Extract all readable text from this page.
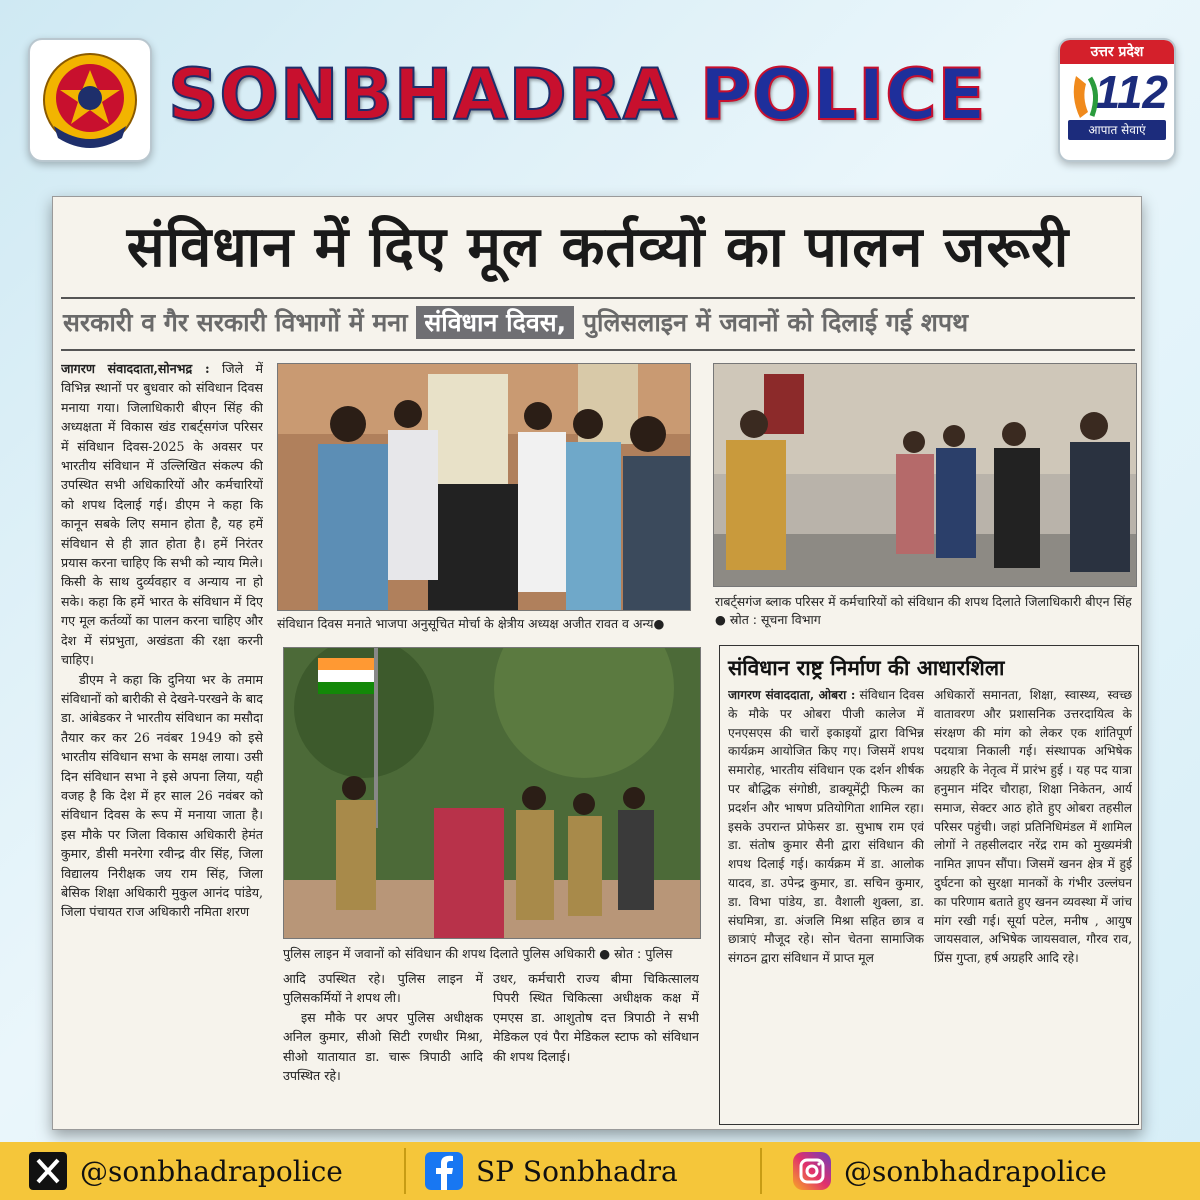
SONBHADRA POLICE
उत्तर प्रदेश
112
आपात सेवाएं
संविधान में दिए मूल कर्तव्यों का पालन जरूरी
सरकारी व गैर सरकारी विभागों में मना संविधान दिवस, पुलिसलाइन में जवानों को दिलाई गई शपथ

जागरण संवाददाता,सोनभद्र : जिले में विभिन्न स्थानों पर बुधवार को संविधान दिवस मनाया गया। जिलाधिकारी बीएन सिंह की अध्यक्षता में विकास खंड राबर्ट्सगंज परिसर में संविधान दिवस-2025 के अवसर पर भारतीय संविधान में उल्लिखित संकल्प की उपस्थित सभी अधिकारियों और कर्मचारियों को शपथ दिलाई गई। डीएम ने कहा कि कानून सबके लिए समान होता है, यह हमें संविधान से ही ज्ञात होता है। हमें निरंतर प्रयास करना चाहिए कि सभी को न्याय मिले। किसी के साथ दुर्व्यवहार व अन्याय ना हो सके। कहा कि हमें भारत के संविधान में दिए गए मूल कर्तव्यों का पालन करना चाहिए और देश में संप्रभुता, अखंडता की रक्षा करनी चाहिए।

डीएम ने कहा कि दुनिया भर के तमाम संविधानों को बारीकी से देखने-परखने के बाद डा. आंबेडकर ने भारतीय संविधान का मसौदा तैयार कर कर 26 नवंबर 1949 को इसे भारतीय संविधान सभा के समक्ष लाया। उसी दिन संविधान सभा ने इसे अपना लिया, यही वजह है कि देश में हर साल 26 नवंबर को संविधान दिवस के रूप में मनाया जाता है। इस मौके पर जिला विकास अधिकारी हेमंत कुमार, डीसी मनरेगा रवीन्द्र वीर सिंह, जिला विद्यालय निरीक्षक जय राम सिंह, जिला बेसिक शिक्षा अधिकारी मुकुल आनंद पांडेय, जिला पंचायत राज अधिकारी नमिता शरण

संविधान दिवस मनाते भाजपा अनुसूचित मोर्चा के क्षेत्रीय अध्यक्ष अजीत रावत व अन्य●
राबर्ट्सगंज ब्लाक परिसर में कर्मचारियों को संविधान की शपथ दिलाते जिलाधिकारी बीएन सिंह ● स्रोत : सूचना विभाग
पुलिस लाइन में जवानों को संविधान की शपथ दिलाते पुलिस अधिकारी ● स्रोत : पुलिस

आदि उपस्थित रहे। पुलिस लाइन में पुलिसकर्मियों ने शपथ ली।

इस मौके पर अपर पुलिस अधीक्षक अनिल कुमार, सीओ सिटी रणधीर मिश्रा, सीओ यातायात डा. चारू त्रिपाठी आदि उपस्थित रहे।

उधर, कर्मचारी राज्य बीमा चिकित्सालय पिपरी स्थित चिकित्सा अधीक्षक कक्ष में एमएस डा. आशुतोष दत्त त्रिपाठी ने सभी मेडिकल एवं पैरा मेडिकल स्टाफ को संविधान की शपथ दिलाई।

संविधान राष्ट्र निर्माण की आधारशिला

जागरण संवाददाता, ओबरा : संविधान दिवस के मौके पर ओबरा पीजी कालेज में एनएसएस की चारों इकाइयों द्वारा विभिन्न कार्यक्रम आयोजित किए गए। जिसमें शपथ समारोह, भारतीय संविधान एक दर्शन शीर्षक पर बौद्धिक संगोष्ठी, डाक्यूमेंट्री फिल्म का प्रदर्शन और भाषण प्रतियोगिता शामिल रहा। इसके उपरान्त प्रोफेसर डा. सुभाष राम एवं डा. संतोष कुमार सैनी द्वारा संविधान की शपथ दिलाई गई। कार्यक्रम में डा. आलोक यादव, डा. उपेन्द्र कुमार, डा. सचिन कुमार, डा. विभा पांडेय, डा. वैशाली शुक्ला, डा. संघमित्रा, डा. अंजलि मिश्रा सहित छात्र व छात्राएं मौजूद रहे। सोन चेतना सामाजिक संगठन द्वारा संविधान में प्राप्त मूल

अधिकारों समानता, शिक्षा, स्वास्थ्य, स्वच्छ वातावरण और प्रशासनिक उत्तरदायित्व के संरक्षण की मांग को लेकर एक शांतिपूर्ण पदयात्रा निकाली गई। संस्थापक अभिषेक अग्रहरि के नेतृत्व में प्रारंभ हुई । यह पद यात्रा हनुमान मंदिर चौराहा, शिक्षा निकेतन, आर्य समाज, सेक्टर आठ होते हुए ओबरा तहसील परिसर पहुंची। जहां प्रतिनिधिमंडल में शामिल लोगों ने तहसीलदार नरेंद्र राम को मुख्यमंत्री नामित ज्ञापन सौंपा। जिसमें खनन क्षेत्र में हुई दुर्घटना को सुरक्षा मानकों के गंभीर उल्लंघन का परिणाम बताते हुए खनन व्यवस्था में जांच मांग रखी गई। सूर्या पटेल, मनीष , आयुष जायसवाल, अभिषेक जायसवाल, गौरव राव, प्रिंस गुप्ता, हर्ष अग्रहरि आदि रहे।

@sonbhadrapolice	SP Sonbhadra	@sonbhadrapolice
